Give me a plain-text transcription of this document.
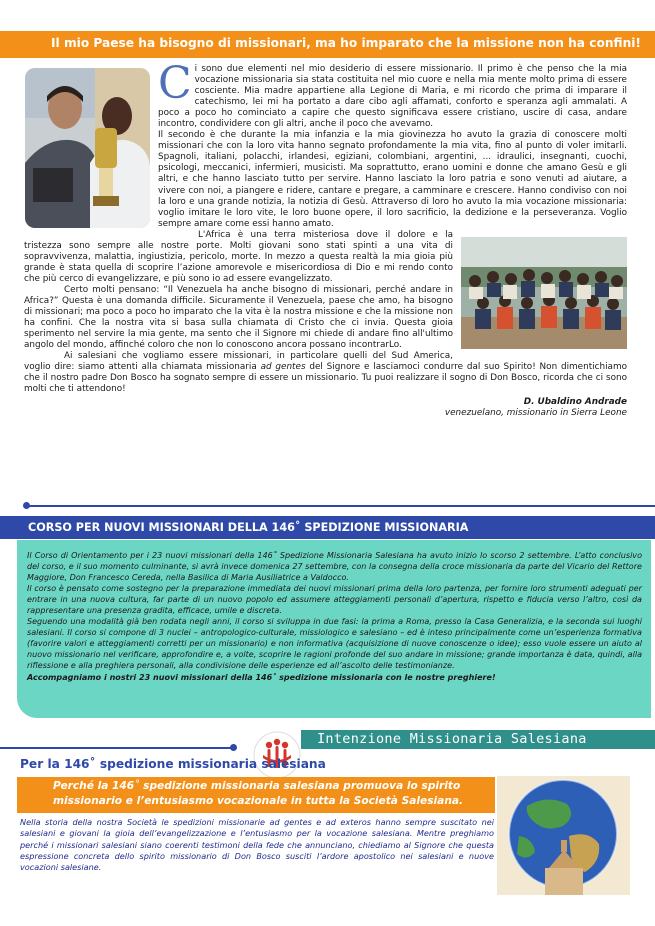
Il mio Paese ha bisogno di missionari, ma ho imparato che la missione non ha confini!

Ci sono due elementi nel mio desiderio di essere missionario. Il primo è che penso che la mia vocazione missionaria sia stata costituita nel mio cuore e nella mia mente molto prima di essere cosciente. Mia madre appartiene alla Legione di Maria, e mi ricordo che prima di imparare il catechismo, lei mi ha portato a dare cibo agli affamati, conforto e speranza agli ammalati. A poco a poco ho cominciato a capire che questo significava essere cristiano, uscire di casa, andare incontro, condividere con gli altri, anche il poco che avevamo.

Il secondo è che durante la mia infanzia e la mia giovinezza ho avuto la grazia di conoscere molti missionari che con la loro vita hanno segnato profondamente la mia vita, fino al punto di voler imitarli. Spagnoli, italiani, polacchi, irlandesi, egiziani, colombiani, argentini, ... idraulici, insegnanti, cuochi, psicologi, meccanici, infermieri, musicisti. Ma soprattutto, erano uomini e donne che amano Gesù e gli altri, e che hanno lasciato tutto per servire. Hanno lasciato la loro patria e sono venuti ad aiutare, a vivere con noi, a piangere e ridere, cantare e pregare, a camminare e crescere. Hanno condiviso con noi la loro e una grande notizia, la notizia di Gesù. Attraverso di loro ho avuto la mia vocazione missionaria: voglio imitare le loro vite, le loro buone opere, il loro sacrificio, la dedizione e la perseveranza. Voglio sempre amare come essi hanno amato.

L'Africa è una terra misteriosa dove il dolore e la tristezza sono sempre alle nostre porte. Molti giovani sono stati spinti a una vita di sopravvivenza, malattia, ingiustizia, pericolo, morte. In mezzo a questa realtà la mia gioia più grande è stata quella di scoprire l’azione amorevole e misericordiosa di Dio e mi rendo conto che più cerco di evangelizzare, e più sono io ad essere evangelizzato.

Certo molti pensano: “Il Venezuela ha anche bisogno di missionari, perché andare in Africa?” Questa è una domanda difficile. Sicuramente il Venezuela, paese che amo, ha bisogno di missionari; ma poco a poco ho imparato che la vita è la nostra missione e che la missione non ha confini. Che la nostra vita si basa sulla chiamata di Cristo che ci invia. Questa gioia sperimento nel servire la mia gente, ma sento che il Signore mi chiede di andare fino all'ultimo angolo del mondo, affinché coloro che non lo conoscono ancora possano incontrarLo.

Ai salesiani che vogliamo essere missionari, in particolare quelli del Sud America, voglio dire: siamo attenti alla chiamata missionaria ad gentes del Signore e lasciamoci condurre dal suo Spirito! Non dimentichiamo che il nostro padre Don Bosco ha sognato sempre di essere un missionario. Tu puoi realizzare il sogno di Don Bosco, ricorda che ci sono molti che ti attendono!

D. Ubaldino Andrade
venezuelano, missionario in Sierra Leone

CORSO PER NUOVI MISSIONARI DELLA 146˚ SPEDIZIONE MISSIONARIA

Il Corso di Orientamento per i 23 nuovi missionari della 146˚ Spedizione Missionaria Salesiana ha avuto inizio lo scorso 2 settembre. L’atto conclusivo del corso, e il suo momento culminante, si avrà invece domenica 27 settembre, con la consegna della croce missionaria da parte del Vicario del Rettore Maggiore, Don Francesco Cereda, nella Basilica di Maria Ausiliatrice a Valdocco.

Il corso è pensato come sostegno per la preparazione immediata dei nuovi missionari prima della loro partenza, per fornire loro strumenti adeguati per entrare in una nuova cultura, far parte di un nuovo popolo ed assumere atteggiamenti personali d’apertura, rispetto e fiducia verso l’altro, così da rappresentare una presenza gradita, efficace, umile e discreta.

Seguendo una modalità già ben rodata negli anni, il corso si sviluppa in due fasi: la prima a Roma, presso la Casa Generalizia, e la seconda sui luoghi salesiani. Il corso si compone di 3 nuclei – antropologico-culturale, missiologico e salesiano – ed è inteso principalmente come un’esperienza formativa (favorire valori e atteggiamenti corretti per un missionario) e non informativa (acquisizione di nuove conoscenze o idee); esso vuole essere un aiuto al nuovo missionario nel verificare, approfondire e, a volte, scoprire le ragioni profonde del suo andare in missione; grande importanza è data, quindi, alla riflessione e alla preghiera personali, alla condivisione delle esperienze ed all’ascolto delle testimonianze.

Accompagniamo i nostri 23 nuovi missionari della 146˚ spedizione missionaria con le nostre preghiere!

Intenzione Missionaria Salesiana
Per la 146˚ spedizione missionaria salesiana
Perché la 146˚ spedizione missionaria salesiana promuova lo spirito missionario e l’entusiasmo vocazionale in tutta la Società Salesiana.
Nella storia della nostra Società le spedizioni missionarie ad gentes e ad exteros hanno sempre suscitato nei salesiani e giovani la gioia dell’evangelizzazione e l’entusiasmo per la vocazione salesiana. Mentre preghiamo perché i missionari salesiani siano coerenti testimoni della fede che annunciano, chiediamo al Signore che questa espressione concreta dello spirito missionario di Don Bosco susciti l’ardore apostolico nei salesiani e nuove vocazioni salesiane.
